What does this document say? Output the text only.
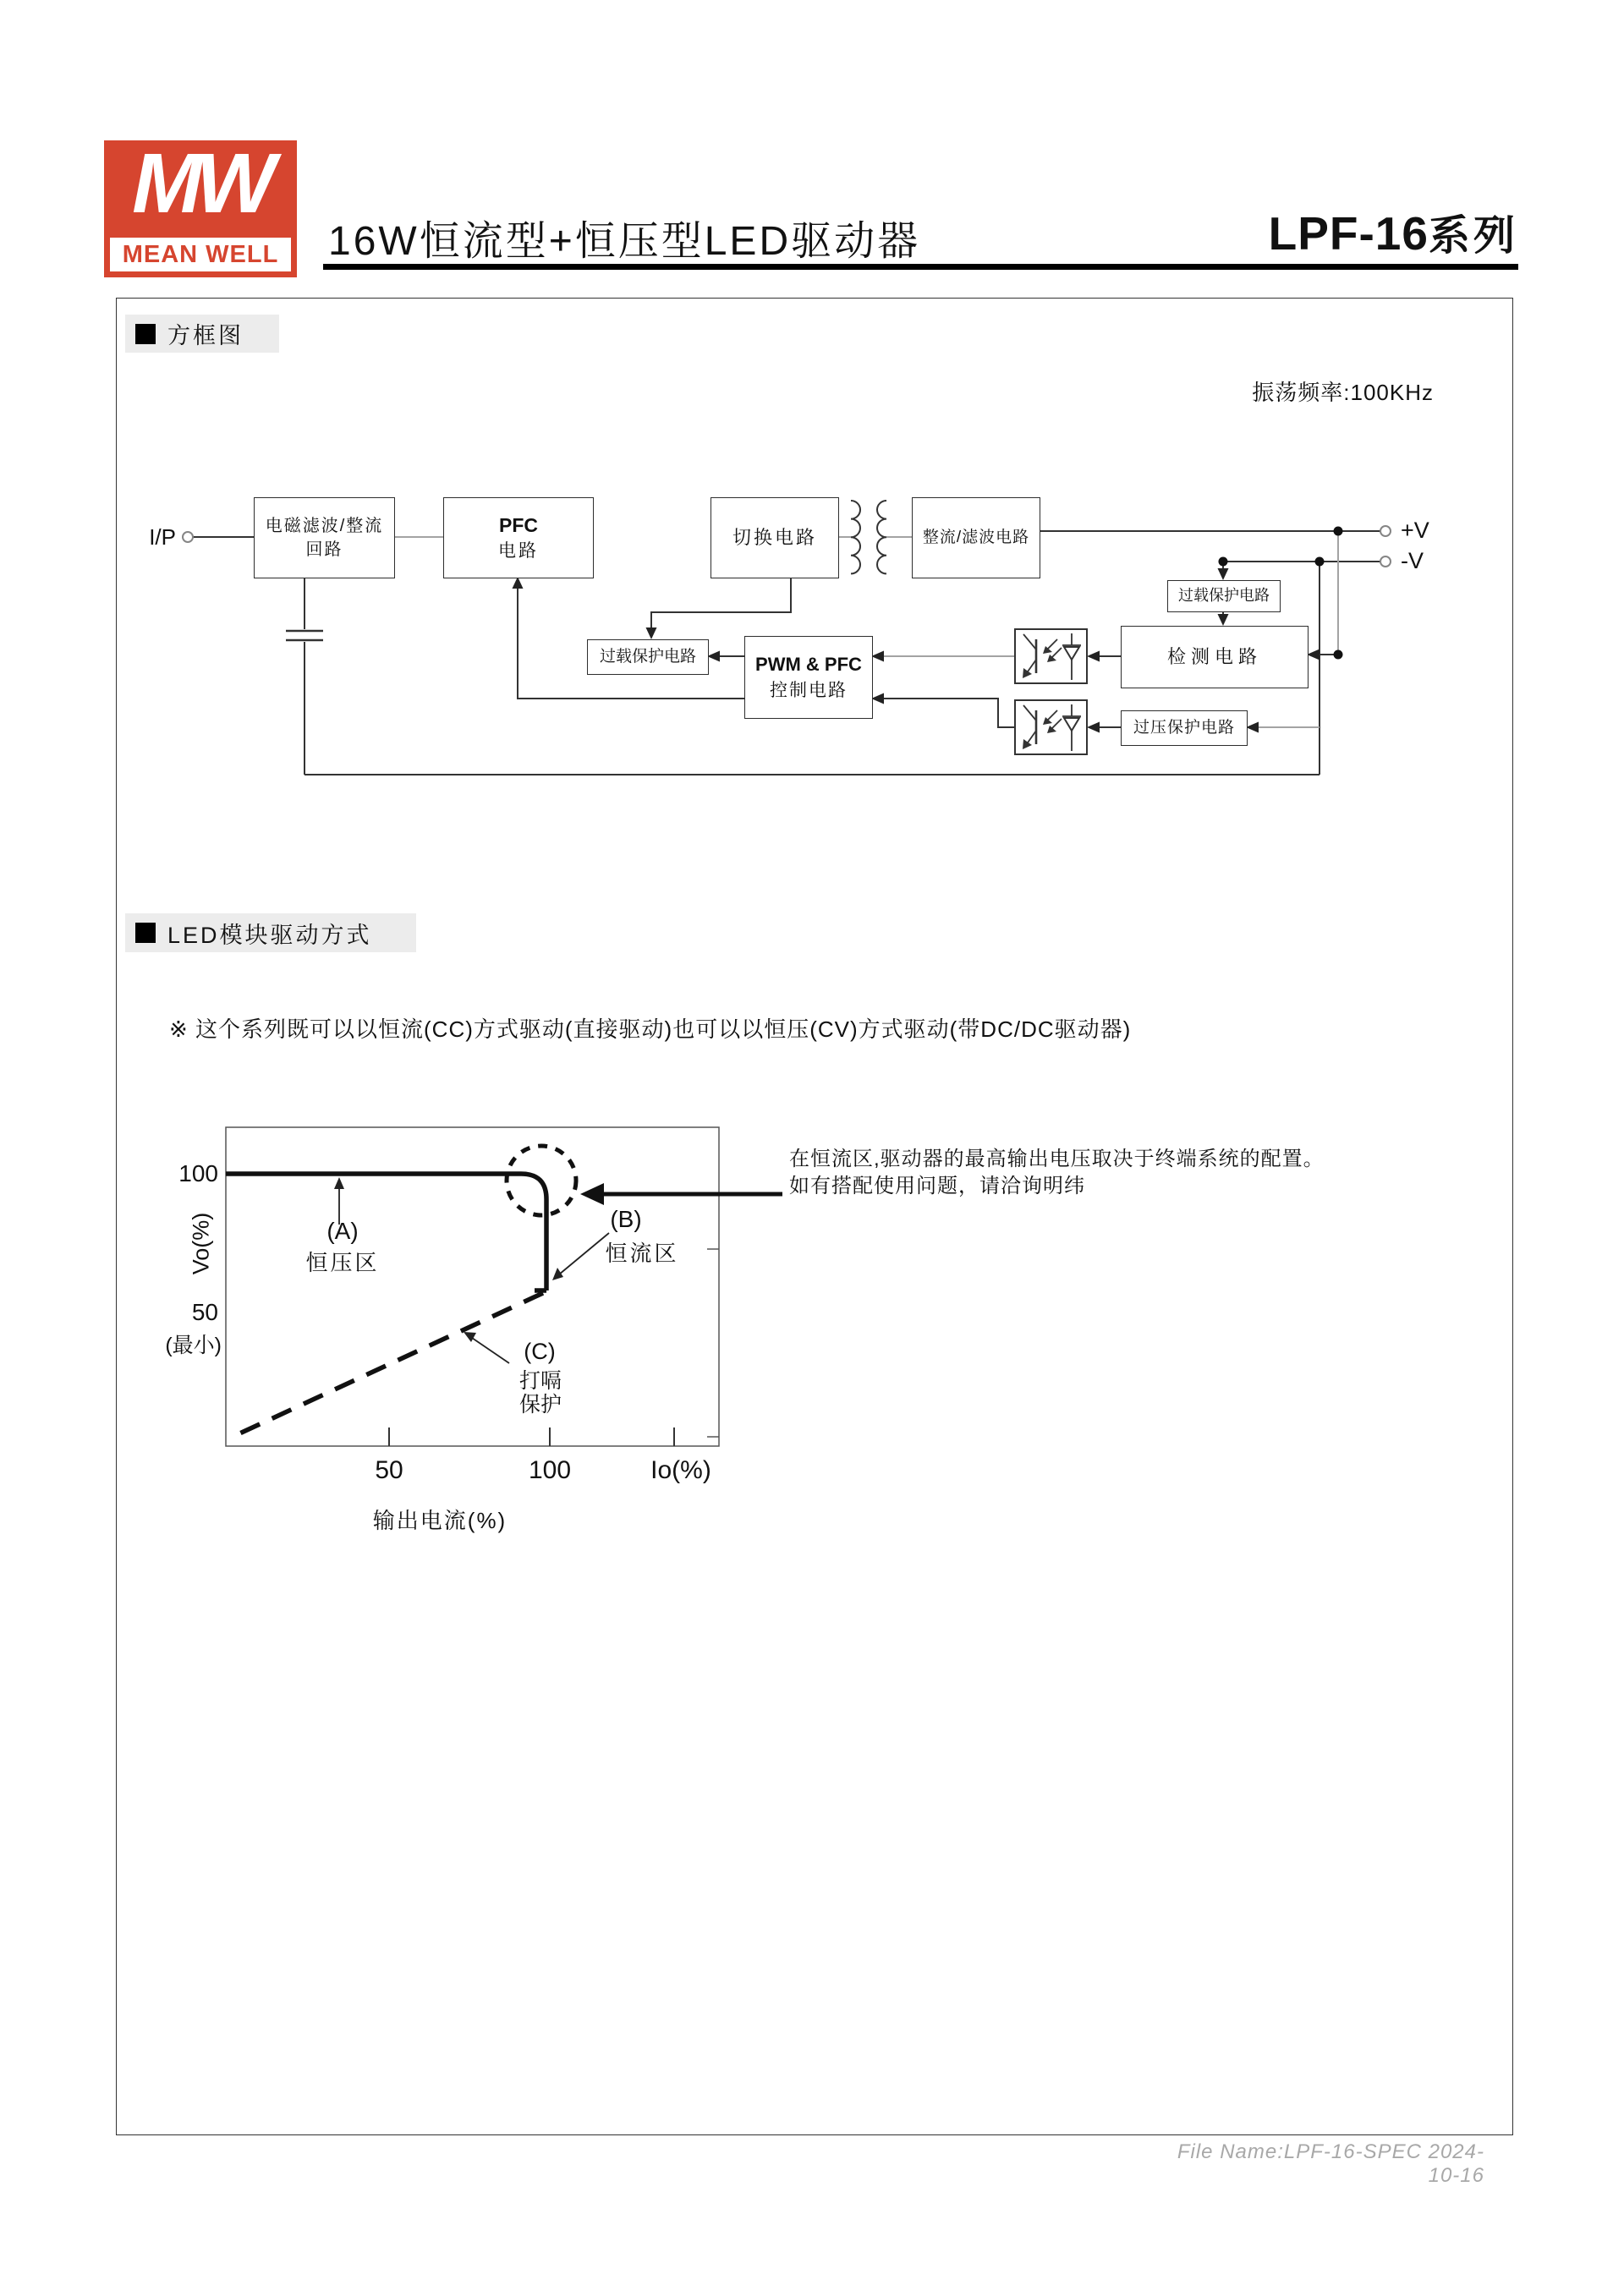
MW
MEAN WELL 16W恒流型+恒压型LED驱动器	LPF-16系列
方框图
振荡频率:100KHz
电磁滤波/整流
回路
PFC
电路
切换电路	整流/滤波电路
过载保护电路	PWM & PFC
控制电路
过载保护电路
检测电路
过压保护电路
I/P	+V
-V
LED模块驱动方式
※ 这个系列既可以以恒流(CC)方式驱动(直接驱动)也可以以恒压(CV)方式驱动(带DC/DC驱动器)
100
50
(最小)
Vo(%)
50	100	Io(%)
输出电流(%)
(A)
恒压区
(B)
恒流区
(C)
打嗝
保护
在恒流区,驱动器的最高输出电压取决于终端系统的配置。
如有搭配使用问题，请洽询明纬
File Name:LPF-16-SPEC 2024-10-16
